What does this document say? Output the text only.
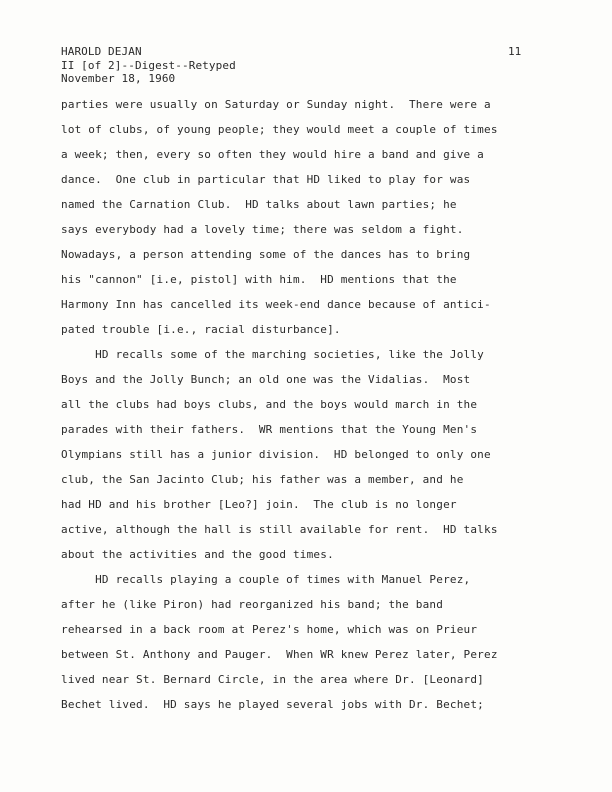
HAROLD DEJAN
II [of 2]--Digest--Retyped
November 18, 1960
11
parties were usually on Saturday or Sunday night.  There were a
lot of clubs, of young people; they would meet a couple of times
a week; then, every so often they would hire a band and give a
dance.  One club in particular that HD liked to play for was
named the Carnation Club.  HD talks about lawn parties; he
says everybody had a lovely time; there was seldom a fight.
Nowadays, a person attending some of the dances has to bring
his "cannon" [i.e, pistol] with him.  HD mentions that the
Harmony Inn has cancelled its week-end dance because of antici-
pated trouble [i.e., racial disturbance].
HD recalls some of the marching societies, like the Jolly
Boys and the Jolly Bunch; an old one was the Vidalias.  Most
all the clubs had boys clubs, and the boys would march in the
parades with their fathers.  WR mentions that the Young Men's
Olympians still has a junior division.  HD belonged to only one
club, the San Jacinto Club; his father was a member, and he
had HD and his brother [Leo?] join.  The club is no longer
active, although the hall is still available for rent.  HD talks
about the activities and the good times.
HD recalls playing a couple of times with Manuel Perez,
after he (like Piron) had reorganized his band; the band
rehearsed in a back room at Perez's home, which was on Prieur
between St. Anthony and Pauger.  When WR knew Perez later, Perez
lived near St. Bernard Circle, in the area where Dr. [Leonard]
Bechet lived.  HD says he played several jobs with Dr. Bechet;
